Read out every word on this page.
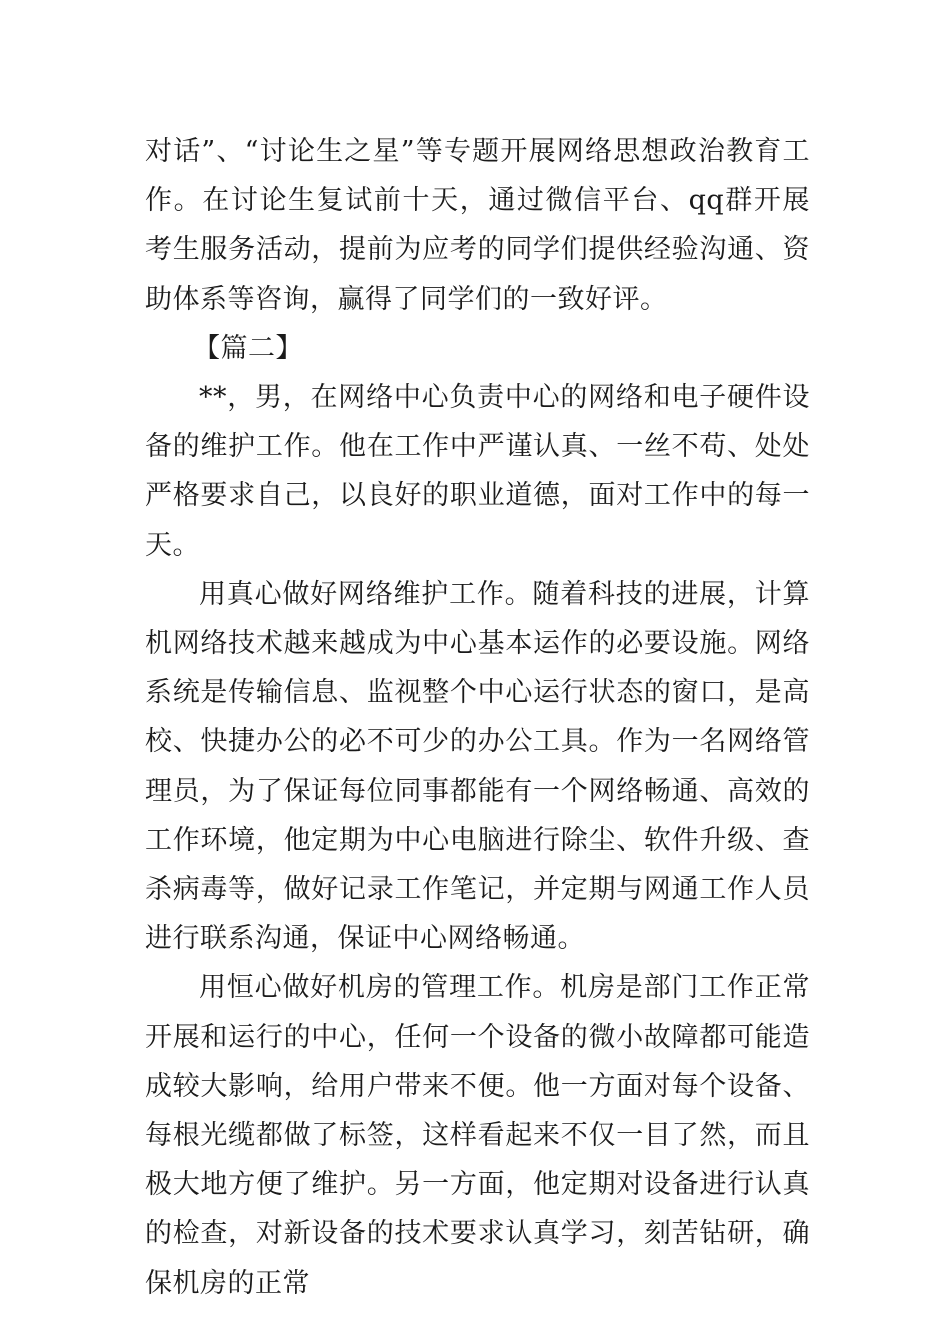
对话”、“讨论生之星”等专题开展网络思想政治教育工作。在讨论生复试前十天，通过微信平台、qq群开展考生服务活动，提前为应考的同学们提供经验沟通、资助体系等咨询，赢得了同学们的一致好评。

【篇二】

**，男，在网络中心负责中心的网络和电子硬件设备的维护工作。他在工作中严谨认真、一丝不苟、处处严格要求自己，以良好的职业道德，面对工作中的每一天。

用真心做好网络维护工作。随着科技的进展，计算机网络技术越来越成为中心基本运作的必要设施。网络系统是传输信息、监视整个中心运行状态的窗口，是高校、快捷办公的必不可少的办公工具。作为一名网络管理员，为了保证每位同事都能有一个网络畅通、高效的工作环境，他定期为中心电脑进行除尘、软件升级、查杀病毒等，做好记录工作笔记，并定期与网通工作人员进行联系沟通，保证中心网络畅通。

用恒心做好机房的管理工作。机房是部门工作正常开展和运行的中心，任何一个设备的微小故障都可能造成较大影响，给用户带来不便。他一方面对每个设备、每根光缆都做了标签，这样看起来不仅一目了然，而且极大地方便了维护。另一方面，他定期对设备进行认真的检查，对新设备的技术要求认真学习，刻苦钻研，确保机房的正常
